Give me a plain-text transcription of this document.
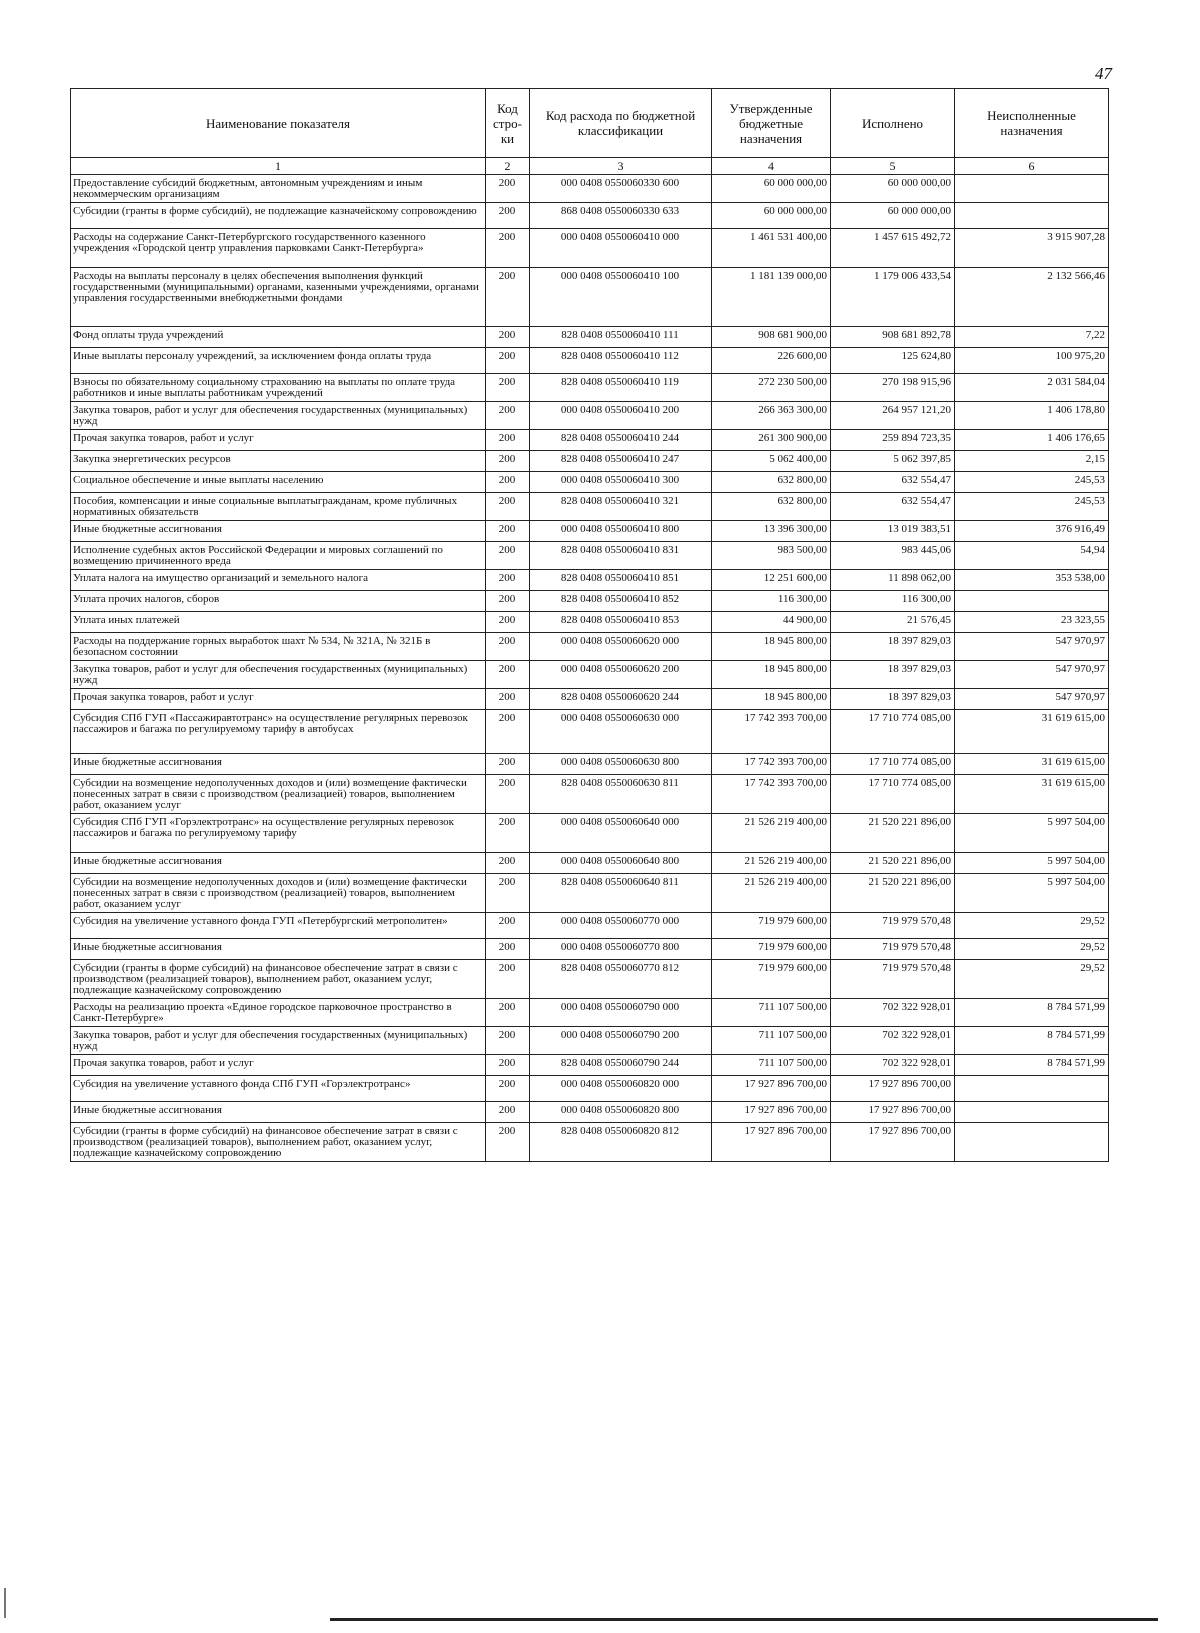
47
Наименование показателя	Код стро-ки	Код расхода по бюджетной классификации	Утвержденные бюджетные назначения	Исполнено	Неисполненные назначения
1	2	3	4	5	6
Предоставление субсидий бюджетным, автономным учреждениям и иным некоммерческим организациям	200	000 0408 0550060330 600	60 000 000,00	60 000 000,00	
Субсидии (гранты в форме субсидий), не подлежащие казначейскому сопровождению	200	868 0408 0550060330 633	60 000 000,00	60 000 000,00	
Расходы на содержание Санкт-Петербургского государственного казенного учреждения «Городской центр управления парковками Санкт-Петербурга»	200	000 0408 0550060410 000	1 461 531 400,00	1 457 615 492,72	3 915 907,28
Расходы на выплаты персоналу в целях обеспечения выполнения функций государственными (муниципальными) органами, казенными учреждениями, органами управления государственными внебюджетными фондами	200	000 0408 0550060410 100	1 181 139 000,00	1 179 006 433,54	2 132 566,46
Фонд оплаты труда учреждений	200	828 0408 0550060410 111	908 681 900,00	908 681 892,78	7,22
Иные выплаты персоналу учреждений, за исключением фонда оплаты труда	200	828 0408 0550060410 112	226 600,00	125 624,80	100 975,20
Взносы по обязательному социальному страхованию на выплаты по оплате труда работников и иные выплаты работникам учреждений	200	828 0408 0550060410 119	272 230 500,00	270 198 915,96	2 031 584,04
Закупка товаров, работ и услуг для обеспечения государственных (муниципальных) нужд	200	000 0408 0550060410 200	266 363 300,00	264 957 121,20	1 406 178,80
Прочая закупка товаров, работ и услуг	200	828 0408 0550060410 244	261 300 900,00	259 894 723,35	1 406 176,65
Закупка энергетических ресурсов	200	828 0408 0550060410 247	5 062 400,00	5 062 397,85	2,15
Социальное обеспечение и иные выплаты населению	200	000 0408 0550060410 300	632 800,00	632 554,47	245,53
Пособия, компенсации и иные социальные выплатыгражданам, кроме публичных нормативных обязательств	200	828 0408 0550060410 321	632 800,00	632 554,47	245,53
Иные бюджетные ассигнования	200	000 0408 0550060410 800	13 396 300,00	13 019 383,51	376 916,49
Исполнение судебных актов Российской Федерации и мировых соглашений по возмещению причиненного вреда	200	828 0408 0550060410 831	983 500,00	983 445,06	54,94
Уплата налога на имущество организаций и земельного налога	200	828 0408 0550060410 851	12 251 600,00	11 898 062,00	353 538,00
Уплата прочих налогов, сборов	200	828 0408 0550060410 852	116 300,00	116 300,00	
Уплата иных платежей	200	828 0408 0550060410 853	44 900,00	21 576,45	23 323,55
Расходы на поддержание горных выработок шахт № 534, № 321А, № 321Б в безопасном состоянии	200	000 0408 0550060620 000	18 945 800,00	18 397 829,03	547 970,97
Закупка товаров, работ и услуг для обеспечения государственных (муниципальных) нужд	200	000 0408 0550060620 200	18 945 800,00	18 397 829,03	547 970,97
Прочая закупка товаров, работ и услуг	200	828 0408 0550060620 244	18 945 800,00	18 397 829,03	547 970,97
Субсидия СПб ГУП «Пассажиравтотранс» на осуществление регулярных перевозок пассажиров и багажа по регулируемому тарифу в автобусах	200	000 0408 0550060630 000	17 742 393 700,00	17 710 774 085,00	31 619 615,00
Иные бюджетные ассигнования	200	000 0408 0550060630 800	17 742 393 700,00	17 710 774 085,00	31 619 615,00
Субсидии на возмещение недополученных доходов и (или) возмещение фактически понесенных затрат в связи с производством (реализацией) товаров, выполнением работ, оказанием услуг	200	828 0408 0550060630 811	17 742 393 700,00	17 710 774 085,00	31 619 615,00
Субсидия СПб ГУП «Горэлектротранс» на осуществление регулярных перевозок пассажиров и багажа по регулируемому тарифу	200	000 0408 0550060640 000	21 526 219 400,00	21 520 221 896,00	5 997 504,00
Иные бюджетные ассигнования	200	000 0408 0550060640 800	21 526 219 400,00	21 520 221 896,00	5 997 504,00
Субсидии на возмещение недополученных доходов и (или) возмещение фактически понесенных затрат в связи с производством (реализацией) товаров, выполнением работ, оказанием услуг	200	828 0408 0550060640 811	21 526 219 400,00	21 520 221 896,00	5 997 504,00
Субсидия на увеличение уставного фонда ГУП «Петербургский метрополитен»	200	000 0408 0550060770 000	719 979 600,00	719 979 570,48	29,52
Иные бюджетные ассигнования	200	000 0408 0550060770 800	719 979 600,00	719 979 570,48	29,52
Субсидии (гранты в форме субсидий) на финансовое обеспечение затрат в связи с производством (реализацией товаров), выполнением работ, оказанием услуг, подлежащие казначейскому сопровождению	200	828 0408 0550060770 812	719 979 600,00	719 979 570,48	29,52
Расходы на реализацию проекта «Единое городское парковочное пространство в Санкт-Петербурге»	200	000 0408 0550060790 000	711 107 500,00	702 322 928,01	8 784 571,99
Закупка товаров, работ и услуг для обеспечения государственных (муниципальных) нужд	200	000 0408 0550060790 200	711 107 500,00	702 322 928,01	8 784 571,99
Прочая закупка товаров, работ и услуг	200	828 0408 0550060790 244	711 107 500,00	702 322 928,01	8 784 571,99
Субсидия на увеличение уставного фонда СПб ГУП «Горэлектротранс»	200	000 0408 0550060820 000	17 927 896 700,00	17 927 896 700,00	
Иные бюджетные ассигнования	200	000 0408 0550060820 800	17 927 896 700,00	17 927 896 700,00	
Субсидии (гранты в форме субсидий) на финансовое обеспечение затрат в связи с производством (реализацией товаров), выполнением работ, оказанием услуг, подлежащие казначейскому сопровождению	200	828 0408 0550060820 812	17 927 896 700,00	17 927 896 700,00	
